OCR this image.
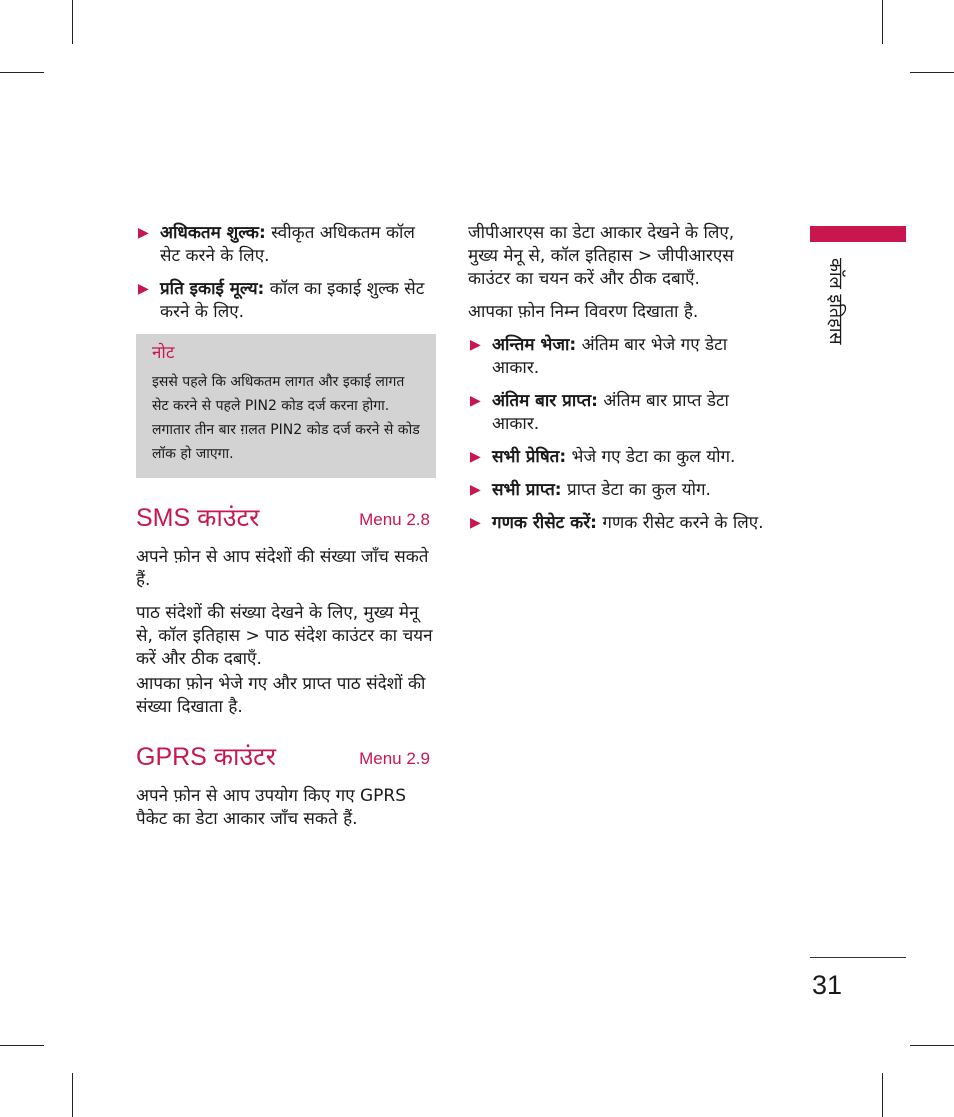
▶ अधिकतम शुल्क: स्वीकृत अधिकतम कॉल सेट करने के लिए.
▶ प्रति इकाई मूल्य: कॉल का इकाई शुल्क सेट करने के लिए.
नोट
इससे पहले कि अधिकतम लागत और इकाई लागत सेट करने से पहले PIN2 कोड दर्ज करना होगा. लगातार तीन बार ग़लत PIN2 कोड दर्ज करने से कोड लॉक हो जाएगा.
SMS काउंटर	Menu 2.8

अपने फ़ोन से आप संदेशों की संख्या जाँच सकते हैं.

पाठ संदेशों की संख्या देखने के लिए, मुख्य मेनू से, कॉल इतिहास > पाठ संदेश काउंटर का चयन करें और ठीक दबाएँ.

आपका फ़ोन भेजे गए और प्राप्त पाठ संदेशों की संख्या दिखाता है.

GPRS काउंटर	Menu 2.9

अपने फ़ोन से आप उपयोग किए गए GPRS पैकेट का डेटा आकार जाँच सकते हैं.

जीपीआरएस का डेटा आकार देखने के लिए, मुख्य मेनू से, कॉल इतिहास > जीपीआरएस काउंटर का चयन करें और ठीक दबाएँ.

आपका फ़ोन निम्न विवरण दिखाता है.

▶ अन्तिम भेजा: अंतिम बार भेजे गए डेटा आकार.
▶ अंतिम बार प्राप्त: अंतिम बार प्राप्त डेटा आकार.
▶ सभी प्रेषित: भेजे गए डेटा का कुल योग.
▶ सभी प्राप्त: प्राप्त डेटा का कुल योग.
▶ गणक रीसेट करें: गणक रीसेट करने के लिए.
कॉल इतिहास
31
